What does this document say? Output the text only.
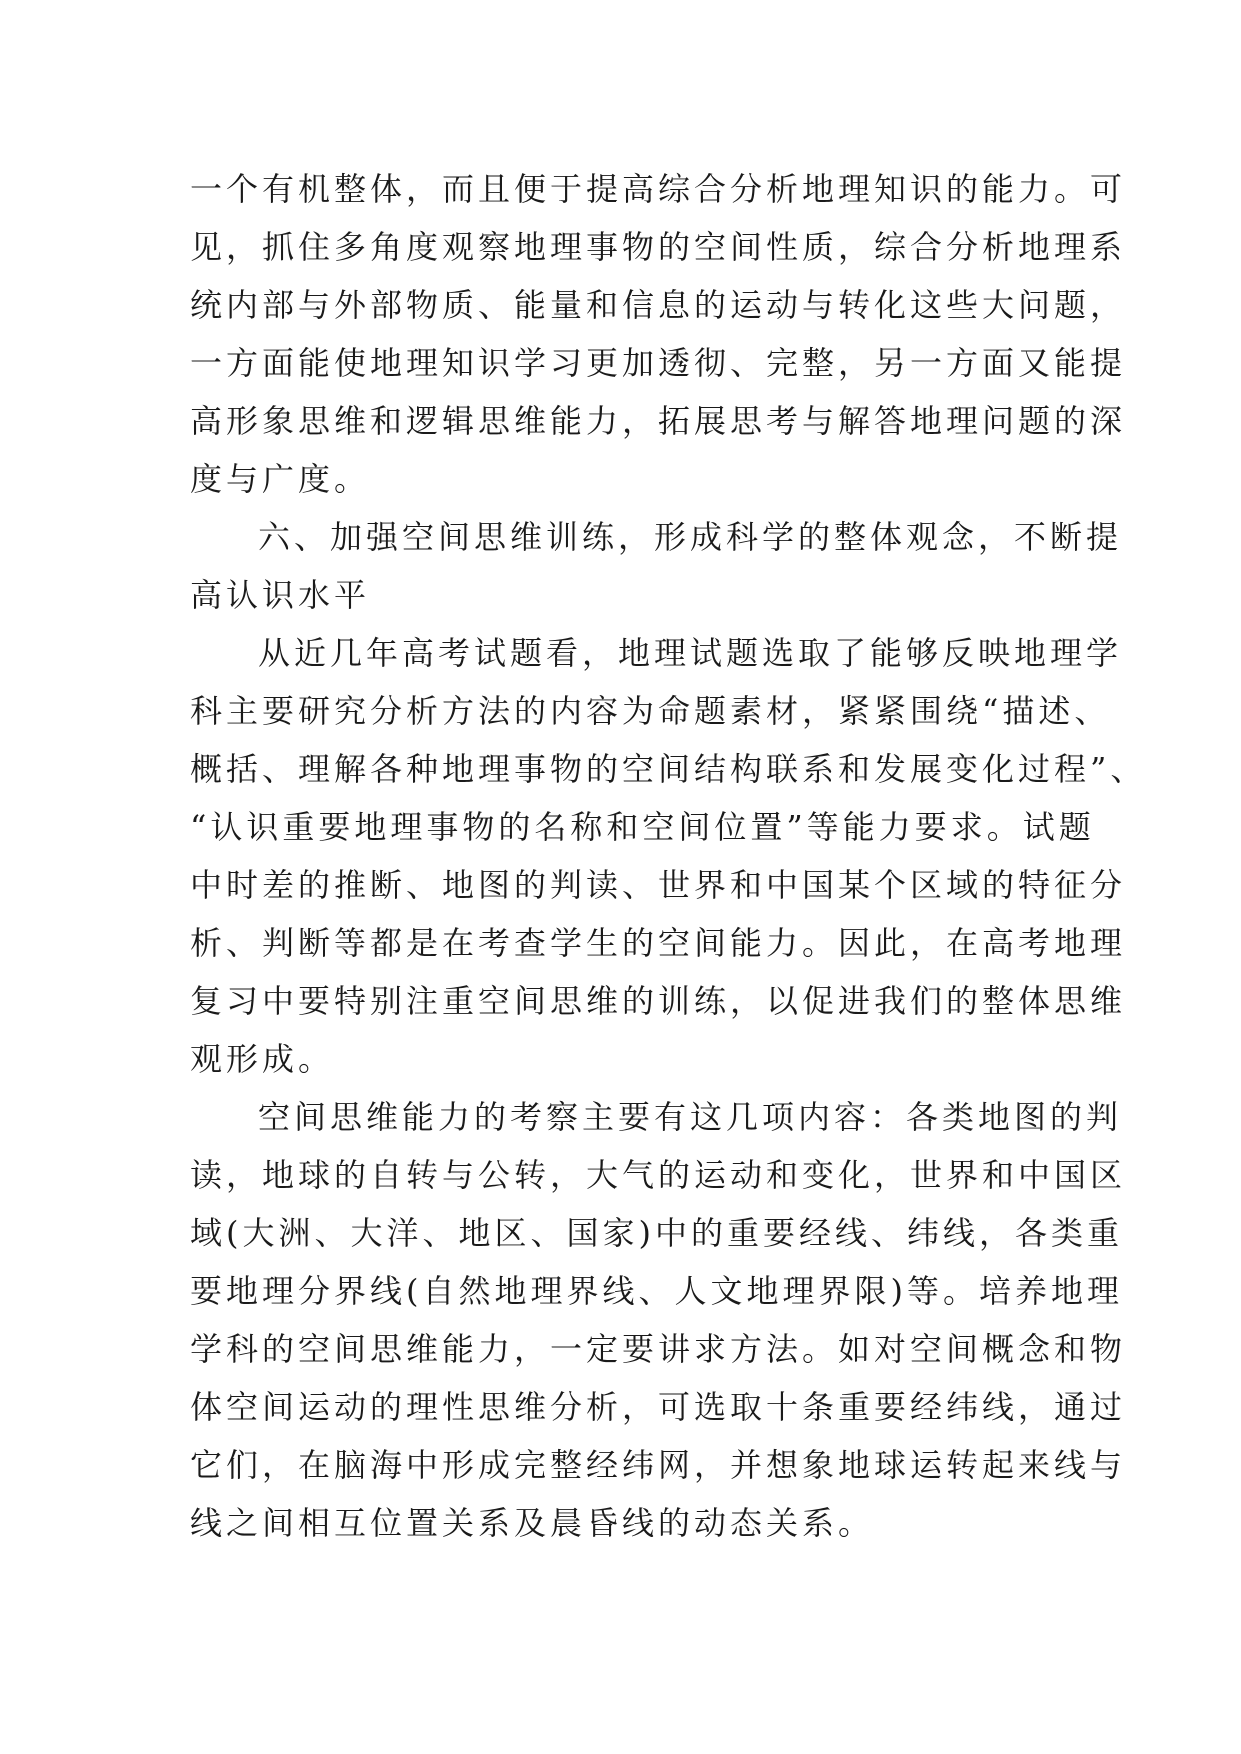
一个有机整体，而且便于提高综合分析地理知识的能力。可
见，抓住多角度观察地理事物的空间性质，综合分析地理系
统内部与外部物质、能量和信息的运动与转化这些大问题，
一方面能使地理知识学习更加透彻、完整，另一方面又能提
高形象思维和逻辑思维能力，拓展思考与解答地理问题的深
度与广度。
六、加强空间思维训练，形成科学的整体观念，不断提
高认识水平
从近几年高考试题看，地理试题选取了能够反映地理学
科主要研究分析方法的内容为命题素材，紧紧围绕“描述、
概括、理解各种地理事物的空间结构联系和发展变化过程”、
“认识重要地理事物的名称和空间位置”等能力要求。试题
中时差的推断、地图的判读、世界和中国某个区域的特征分
析、判断等都是在考查学生的空间能力。因此，在高考地理
复习中要特别注重空间思维的训练，以促进我们的整体思维
观形成。
空间思维能力的考察主要有这几项内容：各类地图的判
读，地球的自转与公转，大气的运动和变化，世界和中国区
域(大洲、大洋、地区、国家)中的重要经线、纬线，各类重
要地理分界线(自然地理界线、人文地理界限)等。培养地理
学科的空间思维能力，一定要讲求方法。如对空间概念和物
体空间运动的理性思维分析，可选取十条重要经纬线，通过
它们，在脑海中形成完整经纬网，并想象地球运转起来线与
线之间相互位置关系及晨昏线的动态关系。
